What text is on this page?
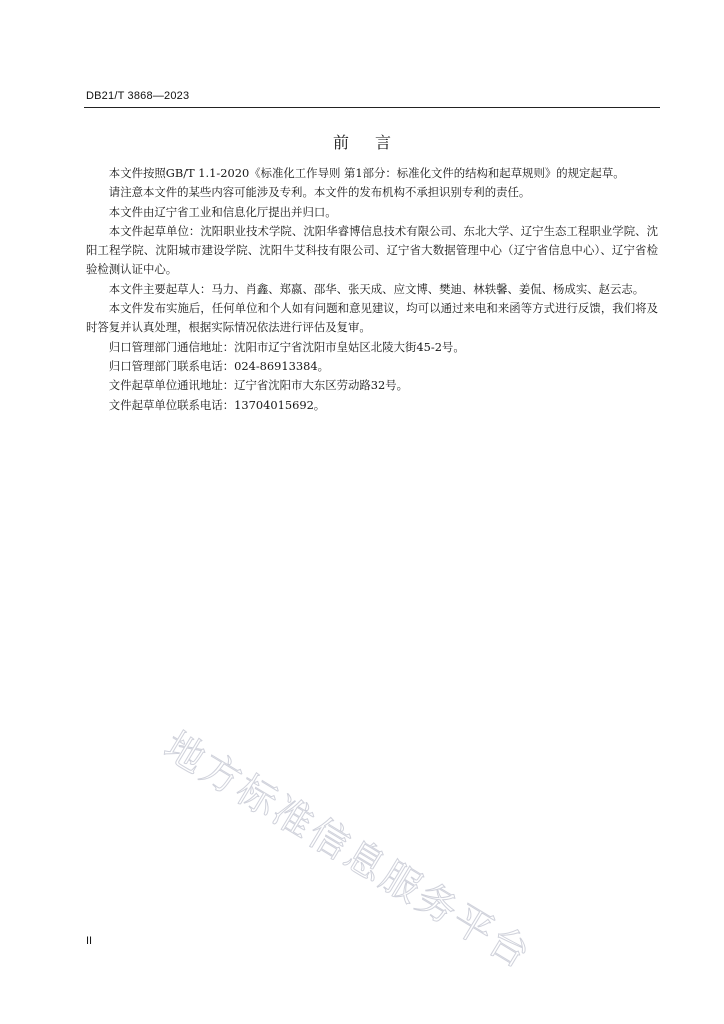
DB21/T 3868—2023
前言

本文件按照GB/T 1.1-2020《标准化工作导则 第1部分：标准化文件的结构和起草规则》的规定起草。

请注意本文件的某些内容可能涉及专利。本文件的发布机构不承担识别专利的责任。

本文件由辽宁省工业和信息化厅提出并归口。

本文件起草单位：沈阳职业技术学院、沈阳华睿博信息技术有限公司、东北大学、辽宁生态工程职业学院、沈阳工程学院、沈阳城市建设学院、沈阳牛艾科技有限公司、辽宁省大数据管理中心（辽宁省信息中心）、辽宁省检验检测认证中心。

本文件主要起草人：马力、肖鑫、郑嬴、邵华、张天成、应文博、樊迪、林轶馨、姜侃、杨成实、赵云志。

本文件发布实施后，任何单位和个人如有问题和意见建议，均可以通过来电和来函等方式进行反馈，我们将及时答复并认真处理，根据实际情况依法进行评估及复审。

归口管理部门通信地址：沈阳市辽宁省沈阳市皇姑区北陵大街45-2号。

归口管理部门联系电话：024-86913384。

文件起草单位通讯地址：辽宁省沈阳市大东区劳动路32号。

文件起草单位联系电话：13704015692。

地方标准信息服务平台
II
